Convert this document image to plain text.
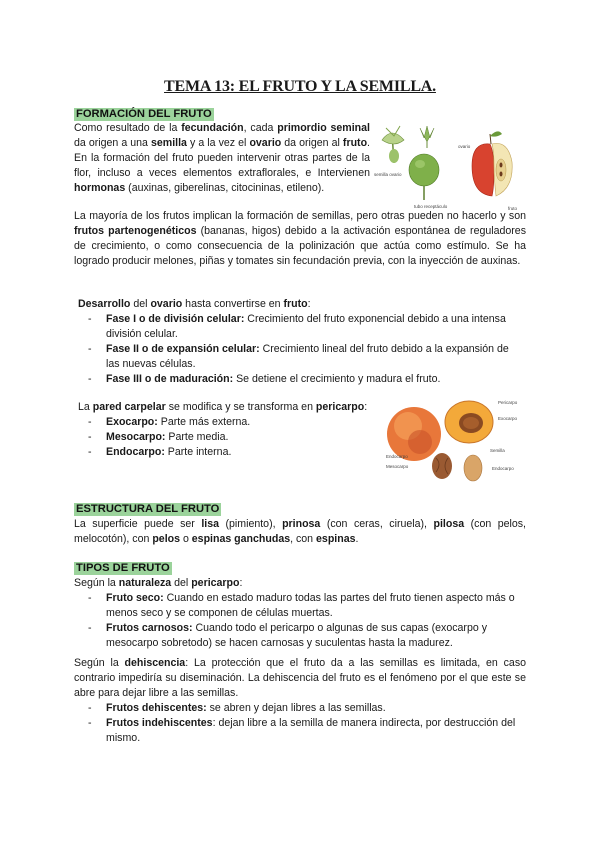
TEMA 13: EL FRUTO Y LA SEMILLA.
FORMACIÓN DEL FRUTO

Como resultado de la fecundación, cada primordio seminal da origen a una semilla y a la vez el ovario da origen al fruto. En la formación del fruto pueden intervenir otras partes de la flor, incluso a veces elementos extraflorales, e Intervienen hormonas (auxinas, giberelinas, citocininas, etileno).

semilla ovario
ovario
tubo receptáculo	fruto

La mayoría de los frutos implican la formación de semillas, pero otras pueden no hacerlo y son frutos partenogenéticos (bananas, higos) debido a la activación espontánea de reguladores de crecimiento, o como consecuencia de la polinización que actúa como estímulo. Se ha logrado producir melones, piñas y tomates sin fecundación previa, con la inyección de auxinas.

Desarrollo del ovario hasta convertirse en fruto:

- Fase I o de división celular: Crecimiento del fruto exponencial debido a una intensa división celular.
- Fase II o de expansión celular: Crecimiento lineal del fruto debido a la expansión de las nuevas células.
- Fase III o de maduración: Se detiene el crecimiento y madura el fruto.

La pared carpelar se modifica y se transforma en pericarpo:

- Exocarpo: Parte más externa.
- Mesocarpo: Parte media.
- Endocarpo: Parte interna.
Pericarpo
Exocarpo
Semilla
Endocarpo
Mesocarpo	Endocarpo
ESTRUCTURA DEL FRUTO

La superficie puede ser lisa (pimiento), prinosa (con ceras, ciruela), pilosa (con pelos, melocotón), con pelos o espinas ganchudas, con espinas.

TIPOS DE FRUTO

Según la naturaleza del pericarpo:

- Fruto seco: Cuando en estado maduro todas las partes del fruto tienen aspecto más o menos seco y se componen de células muertas.
- Frutos carnosos: Cuando todo el pericarpo o algunas de sus capas (exocarpo y mesocarpo sobretodo) se hacen carnosas y suculentas hasta la madurez.

Según la dehiscencia: La protección que el fruto da a las semillas es limitada, en caso contrario impediría su diseminación. La dehiscencia del fruto es el fenómeno por el que este se abre para dejar libre a las semillas.

- Frutos dehiscentes: se abren y dejan libres a las semillas.
- Frutos indehiscentes: dejan libre a la semilla de manera indirecta, por destrucción del mismo.
